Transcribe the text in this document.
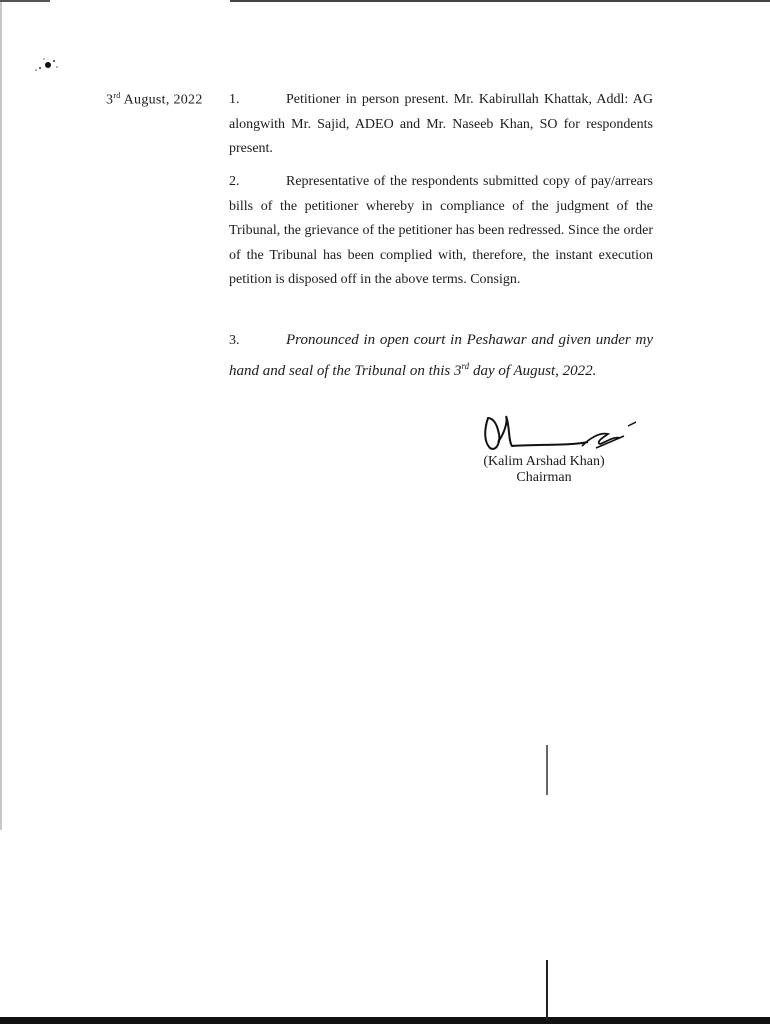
3rd August, 2022 1.	Petitioner in person present. Mr. Kabirullah Khattak, Addl: AG alongwith Mr. Sajid, ADEO and Mr. Naseeb Khan, SO for respondents present.
2.	Representative of the respondents submitted copy of pay/arrears bills of the petitioner whereby in compliance of the judgment of the Tribunal, the grievance of the petitioner has been redressed. Since the order of the Tribunal has been complied with, therefore, the instant execution petition is disposed off in the above terms. Consign.
3.	Pronounced in open court in Peshawar and given under my hand and seal of the Tribunal on this 3rd day of August, 2022.
(Kalim Arshad Khan)
Chairman
